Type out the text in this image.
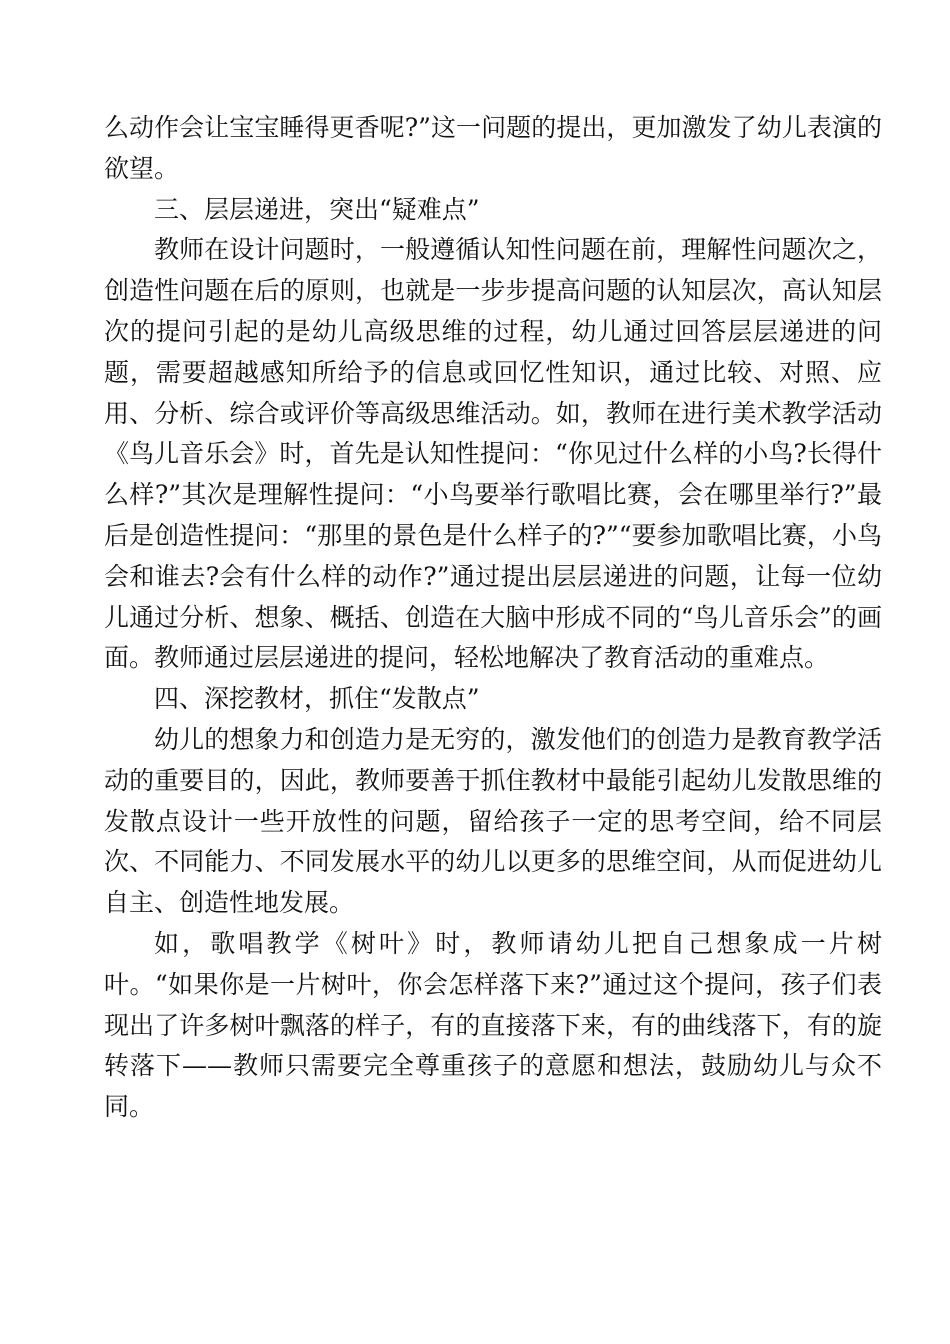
么动作会让宝宝睡得更香呢?”这一问题的提出，更加激发了幼儿表演的欲望。

三、层层递进，突出“疑难点”

教师在设计问题时，一般遵循认知性问题在前，理解性问题次之，创造性问题在后的原则，也就是一步步提高问题的认知层次，高认知层次的提问引起的是幼儿高级思维的过程，幼儿通过回答层层递进的问题，需要超越感知所给予的信息或回忆性知识，通过比较、对照、应用、分析、综合或评价等高级思维活动。如，教师在进行美术教学活动《鸟儿音乐会》时，首先是认知性提问：“你见过什么样的小鸟?长得什么样?”其次是理解性提问：“小鸟要举行歌唱比赛，会在哪里举行?”最后是创造性提问：“那里的景色是什么样子的?”“要参加歌唱比赛，小鸟会和谁去?会有什么样的动作?”通过提出层层递进的问题，让每一位幼儿通过分析、想象、概括、创造在大脑中形成不同的“鸟儿音乐会”的画面。教师通过层层递进的提问，轻松地解决了教育活动的重难点。

四、深挖教材，抓住“发散点”

幼儿的想象力和创造力是无穷的，激发他们的创造力是教育教学活动的重要目的，因此，教师要善于抓住教材中最能引起幼儿发散思维的发散点设计一些开放性的问题，留给孩子一定的思考空间，给不同层次、不同能力、不同发展水平的幼儿以更多的思维空间，从而促进幼儿自主、创造性地发展。

如，歌唱教学《树叶》时，教师请幼儿把自己想象成一片树叶。“如果你是一片树叶，你会怎样落下来?”通过这个提问，孩子们表现出了许多树叶飘落的样子，有的直接落下来，有的曲线落下，有的旋转落下——教师只需要完全尊重孩子的意愿和想法，鼓励幼儿与众不同。
